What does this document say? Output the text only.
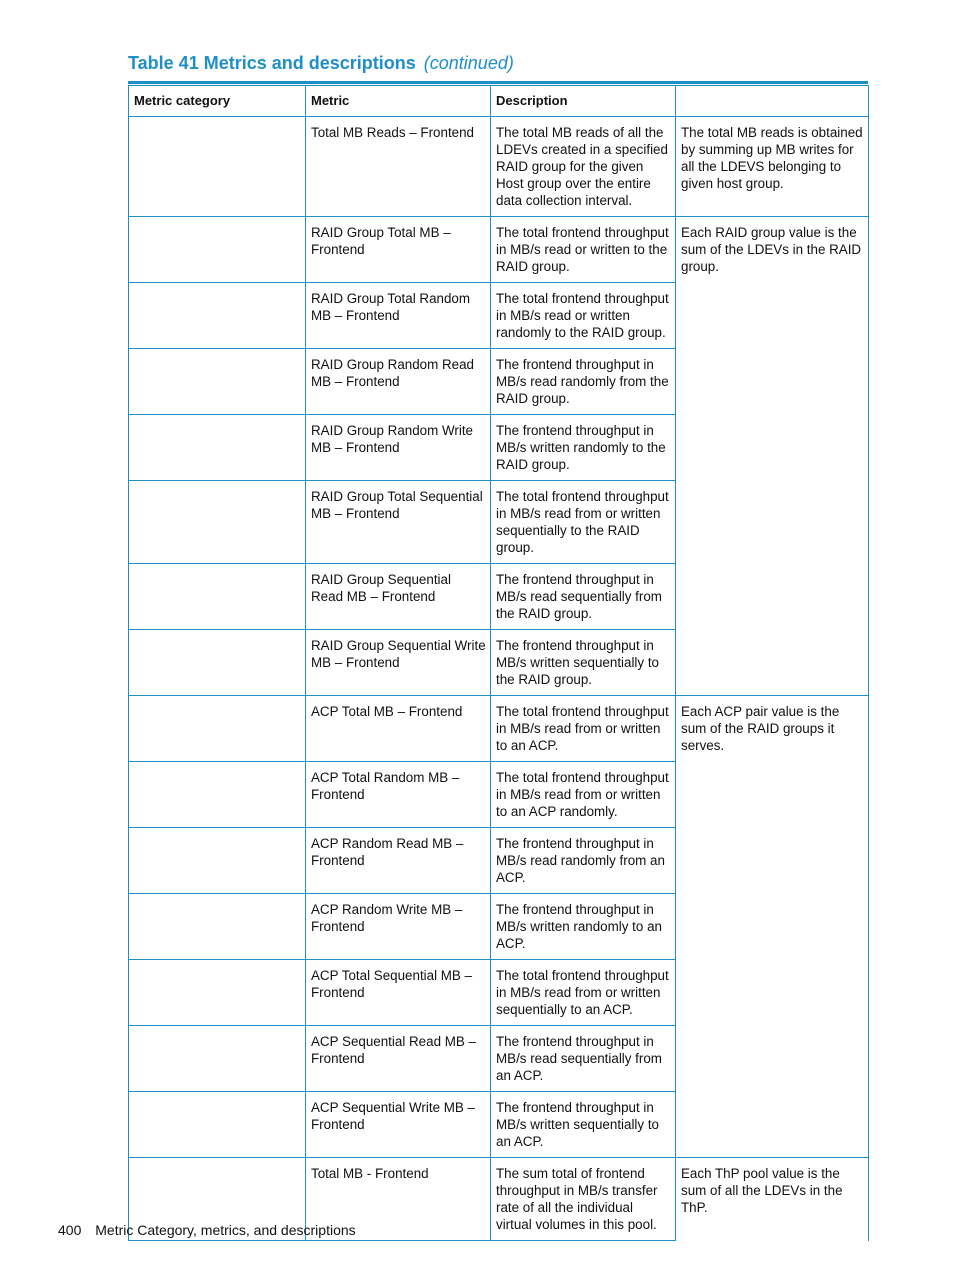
Table 41 Metrics and descriptions (continued)
Metric category	Metric	Description	
	Total MB Reads – Frontend	The total MB reads of all the LDEVs created in a specified RAID group for the given Host group over the entire data collection interval.	The total MB reads is obtained by summing up MB writes for all the LDEVS belonging to given host group.
	RAID Group Total MB – Frontend	The total frontend throughput in MB/s read or written to the RAID group.	Each RAID group value is the sum of the LDEVs in the RAID group.
	RAID Group Total Random MB – Frontend	The total frontend throughput in MB/s read or written randomly to the RAID group.	
	RAID Group Random Read MB – Frontend	The frontend throughput in MB/s read randomly from the RAID group.	
	RAID Group Random Write MB – Frontend	The frontend throughput in MB/s written randomly to the RAID group.	
	RAID Group Total Sequential MB – Frontend	The total frontend throughput in MB/s read from or written sequentially to the RAID group.	
	RAID Group Sequential Read MB – Frontend	The frontend throughput in MB/s read sequentially from the RAID group.	
	RAID Group Sequential Write MB – Frontend	The frontend throughput in MB/s written sequentially to the RAID group.	
	ACP Total MB – Frontend	The total frontend throughput in MB/s read from or written to an ACP.	Each ACP pair value is the sum of the RAID groups it serves.
	ACP Total Random MB – Frontend	The total frontend throughput in MB/s read from or written to an ACP randomly.	
	ACP Random Read MB – Frontend	The frontend throughput in MB/s read randomly from an ACP.	
	ACP Random Write MB – Frontend	The frontend throughput in MB/s written randomly to an ACP.	
	ACP Total Sequential MB – Frontend	The total frontend throughput in MB/s read from or written sequentially to an ACP.	
	ACP Sequential Read MB – Frontend	The frontend throughput in MB/s read sequentially from an ACP.	
	ACP Sequential Write MB – Frontend	The frontend throughput in MB/s written sequentially to an ACP.	
	Total MB - Frontend	The sum total of frontend throughput in MB/s transfer rate of all the individual virtual volumes in this pool.	Each ThP pool value is the sum of all the LDEVs in the ThP.
400 Metric Category, metrics, and descriptions
